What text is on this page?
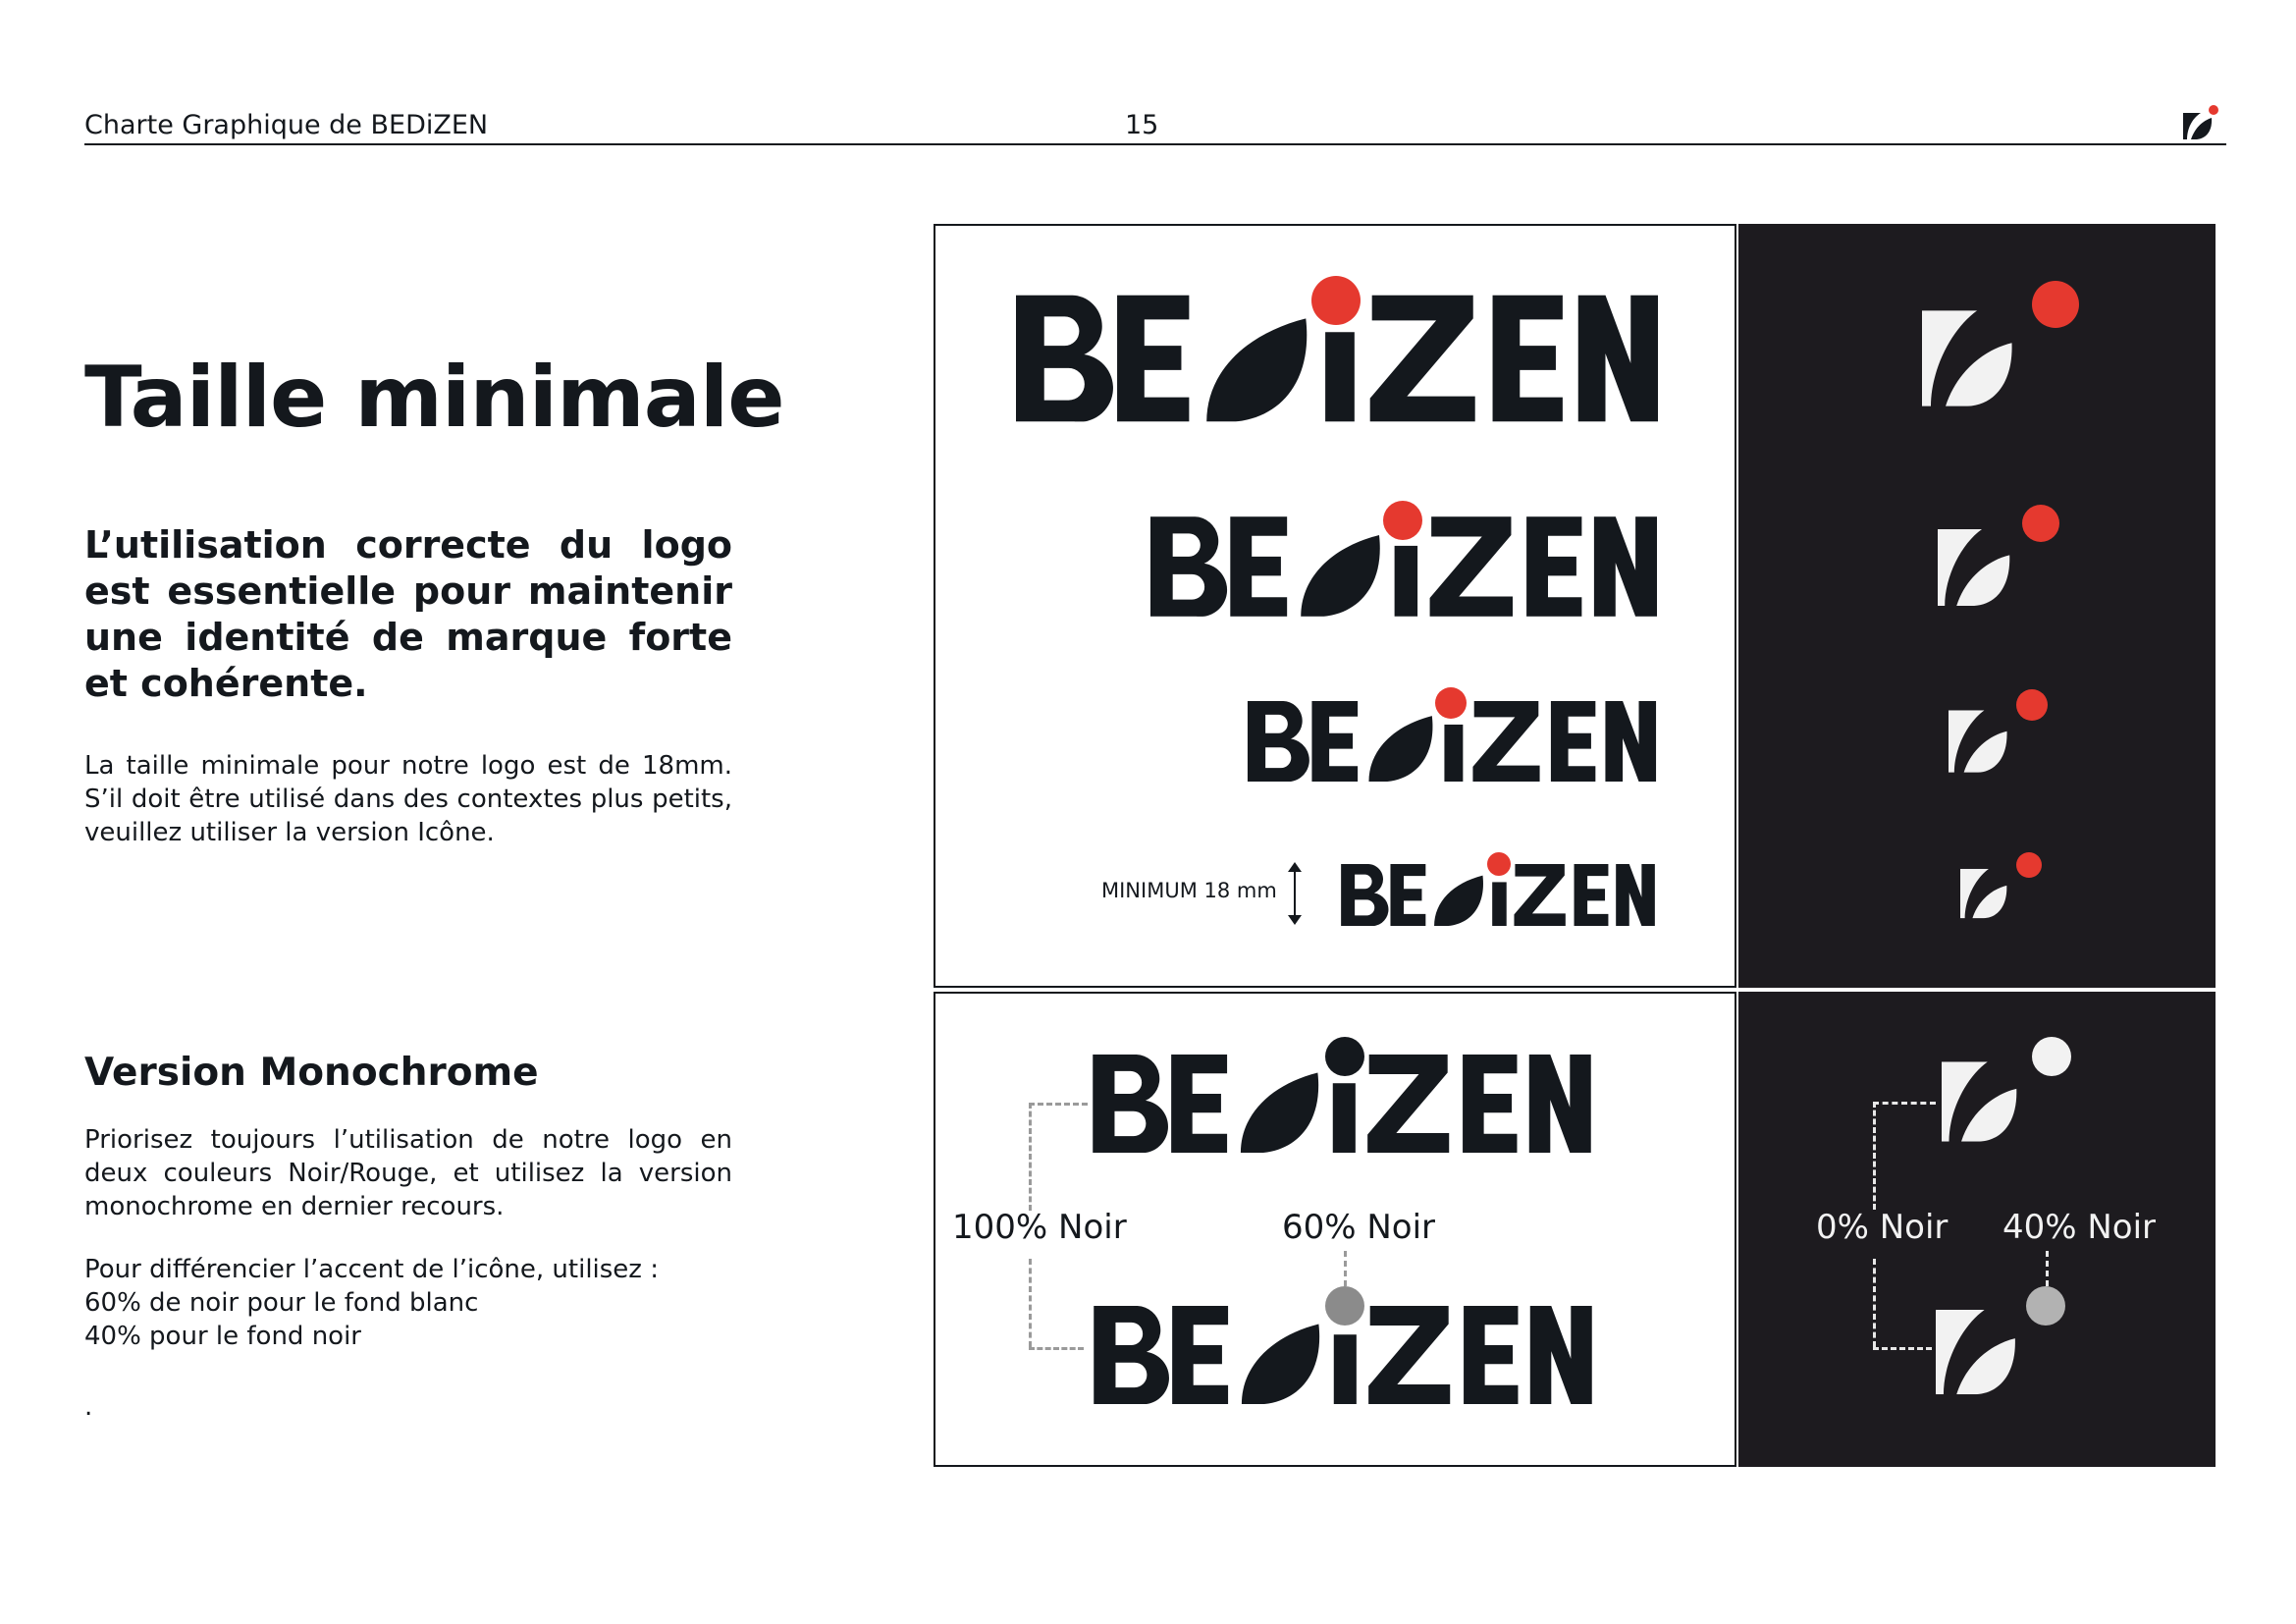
Charte Graphique de BEDiZEN	15
Taille minimale
L’utilisation correcte du logo est essentielle pour maintenir une identité de marque forte et cohérente.
La taille minimale pour notre logo est de 18mm. S’il doit être utilisé dans des contextes plus petits, veuillez utiliser la version Icône.
Version Monochrome
Priorisez toujours l’utilisation de notre logo en deux couleurs Noir/Rouge, et utilisez la version monochrome en dernier recours.
Pour différencier l’accent de l’icône, utilisez :
60% de noir pour le fond blanc
40% pour le fond noir
.
MINIMUM 18 mm
100% Noir	60% Noir	0% Noir 40% Noir
